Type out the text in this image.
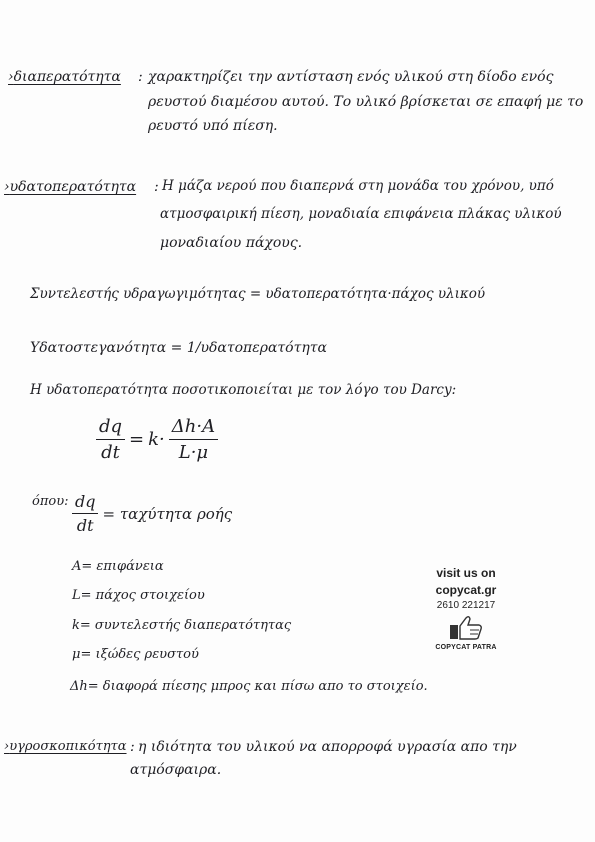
›διαπερατότητα : χαρακτηρίζει την αντίσταση ενός υλικού στη δίοδο ενός
ρευστού διαμέσου αυτού. Το υλικό βρίσκεται σε επαφή με το
ρευστό υπό πίεση.
›υδατοπερατότητα : Η μάζα νερού που διαπερνά στη μονάδα του χρόνου, υπό
ατμοσφαιρική πίεση, μοναδιαία επιφάνεια πλάκας υλικού
μοναδιαίου πάχους.
Συντελεστής υδραγωγιμότητας = υδατοπερατότητα·πάχος υλικού
Υδατοστεγανότητα = 1/υδατοπερατότητα
Η υδατοπερατότητα ποσοτικοποιείται με τον λόγο του Darcy:
$\frac{dq}{dt} = k\cdot \frac{\Delta h\cdot A}{L\cdot\mu}$
όπου: $\frac{dq}{dt} = \tau\alpha\chi ύ\tau\eta\tau\alpha$ ροής
A= επιφάνεια
L= πάχος στοιχείου
k= συντελεστής διαπερατότητας
μ= ιξώδες ρευστού
Δh= διαφορά πίεσης μπρος και πίσω απο το στοιχείο.
›υγροσκοπικότητα : η ιδιότητα του υλικού να απορροφά υγρασία απο την
ατμόσφαιρα.
visit us on
copycat.gr
2610 221217
COPYCAT PATRA
